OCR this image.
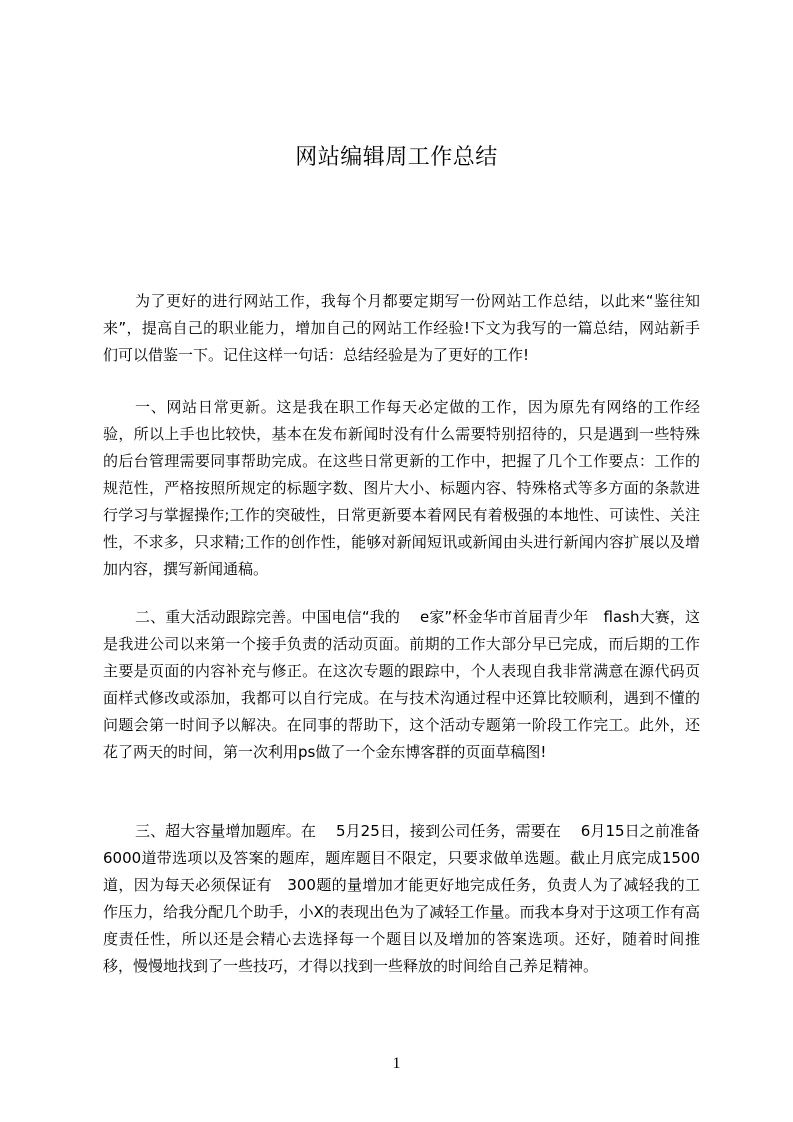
网站编辑周工作总结
为了更好的进行网站工作，我每个月都要定期写一份网站工作总结，以此来“鉴往知来”，提高自己的职业能力，增加自己的网站工作经验!下文为我写的一篇总结，网站新手们可以借鉴一下。记住这样一句话：总结经验是为了更好的工作!
一、网站日常更新。这是我在职工作每天必定做的工作，因为原先有网络的工作经验，所以上手也比较快，基本在发布新闻时没有什么需要特别招待的，只是遇到一些特殊的后台管理需要同事帮助完成。在这些日常更新的工作中，把握了几个工作要点：工作的规范性，严格按照所规定的标题字数、图片大小、标题内容、特殊格式等多方面的条款进行学习与掌握操作;工作的突破性，日常更新要本着网民有着极强的本地性、可读性、关注性，不求多，只求精;工作的创作性，能够对新闻短讯或新闻由头进行新闻内容扩展以及增加内容，撰写新闻通稿。
二、重大活动跟踪完善。中国电信“我的　 e家”杯金华市首届青少年　flash大赛，这是我进公司以来第一个接手负责的活动页面。前期的工作大部分早已完成，而后期的工作主要是页面的内容补充与修正。在这次专题的跟踪中，个人表现自我非常满意在源代码页面样式修改或添加，我都可以自行完成。在与技术沟通过程中还算比较顺利，遇到不懂的问题会第一时间予以解决。在同事的帮助下，这个活动专题第一阶段工作完工。此外，还花了两天的时间，第一次利用ps做了一个金东博客群的页面草稿图!
三、超大容量增加题库。在　 5月25日，接到公司任务，需要在　 6月15日之前准备6000道带选项以及答案的题库，题库题目不限定，只要求做单选题。截止月底完成1500道，因为每天必须保证有　300题的量增加才能更好地完成任务，负责人为了减轻我的工作压力，给我分配几个助手，小X的表现出色为了减轻工作量。而我本身对于这项工作有高度责任性，所以还是会精心去选择每一个题目以及增加的答案选项。还好，随着时间推移，慢慢地找到了一些技巧，才得以找到一些释放的时间给自己养足精神。
1
